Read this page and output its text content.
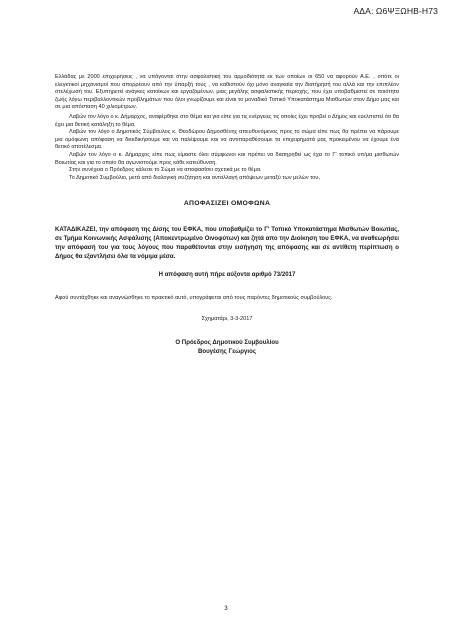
ΑΔΑ: Ω6ΨΞΩΗΒ-Η73

Ελλάδας με 2000 επιχειρήσεις , να υπάγονται στην ασφαλιστική του αρμοδιότητα εκ των οποίων οι 650 να αφορούν Α.Ε. , οπότε οι ελεγκτικοί μηχανισμοί που απορρέουν από την ύπαρξή τους , να καθιστούν όχι μόνο αναγκαία την διατήρησή του αλλά και την επιπλέον στελέχωσή του. Εξυπηρετεί ανάγκες κατοίκων και εργαζομένων, μιας μεγάλης ασφαλιστικής περιοχής, που έχει υποβαθμιστεί σε ποιότητα ζωής λόγω περιβαλλοντικών προβλημάτων που όλοι γνωρίζουμε και είναι το μοναδικό Τοπικό Υποκατάστημα Μισθωτών στον Δήμο μας και σε μια απόσταση 40 χιλιομέτρων.

Λαβών τον λόγο ο κ. Δήμαρχος, αναφέρθηκε στο θέμα και για είπε για τις ενέργειες τις οποίες έχει προβεί ο Δήμος και ευελπιστεί ότι θα έχει μια θετική κατάληξη το θέμα.

Λαβών τον λόγο ο Δημοτικός Σύμβουλος κ. Θεοδώρου Δημοσθένης απευθυνόμενος προς το σώμα είπε πως θα πρέπει να πάρουμε μια ομόφωνη απόφαση να διεκδικήσουμε και να παλέψουμε και να αντιπαραθέσουμε τα επιχειρήματά μας προκειμένου να έχουμε ένα θετικό αποτέλεσμα.

Λαβών τον λόγο ο κ. Δήμαρχος είπε πως είμαστε όλοι σύμφωνοι και πρέπει να διατηρηθεί ως έχει το Γ' τοπικό υπ/μα μισθωτών Βοιωτίας και για το οποίο θα αγωνιστούμε προς κάθε κατεύθυνση.

Στην συνέχεια ο Πρόεδρος κάλεσε το Σώμα να αποφασίσει σχετικά με το θέμα.

Το Δημοτικό Συμβούλιο, μετά από διαλογική συζήτηση και ανταλλαγή απόψεων μεταξύ των μελών του,

ΑΠΟΦΑΣΙΖΕΙ ΟΜΟΦΩΝΑ

ΚΑΤΑΔΙΚΑΖΕΙ, την απόφαση της Δ/σης του ΕΦΚΑ, που υποβαθμίζει το Γ' Τοπικό Υποκατάστημα Μισθωτών Βοιωτίας, σε Τμήμα Κοινωνικής Ασφάλισης (Αποκεντρωμένο Οινοφύτων) και ζητά απο την Διοίκηση του ΕΦΚΑ, να αναθεωρήσει την απόφασή του για τους λόγους που παραθέτονται στην εισήγηση της απόφασης και σε αντίθετη περίπτωση ο Δήμος θα εξαντλήσει όλα τα νόμιμα μέσα.

Η απόφαση αυτή πήρε αύξοντα αριθμό 73/2017

Αφού συντάχθηκε και αναγνώσθηκε το πρακτικό αυτό, υπογράφεται από τους παρόντες δημοτικούς συμβούλους.

Σχηματάρι, 3-3-2017

Ο Πρόεδρος Δημοτικού Συμβουλίου
Βουγέσης Γεώργιος
3
